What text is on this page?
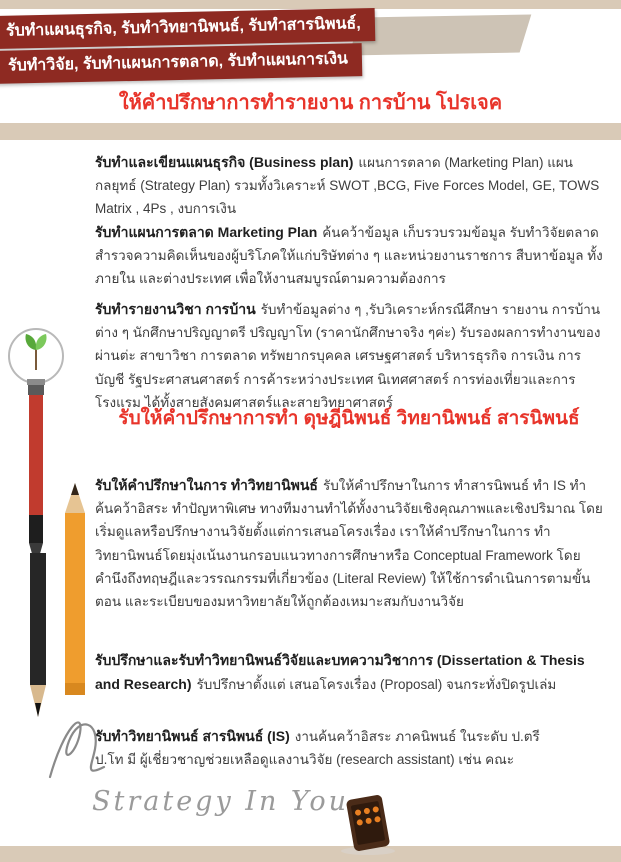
รับทำแผนธุรกิจ, รับทำวิทยานิพนธ์, รับทำสารนิพนธ์,
รับทำวิจัย, รับทำแผนการตลาด, รับทำแผนการเงิน
ให้คำปรึกษาการทำรายงาน การบ้าน โปรเจค
รับทำและเขียนแผนธุรกิจ (Business plan) แผนการตลาด (Marketing Plan) แผนกลยุทธ์ (Strategy Plan) รวมทั้งวิเคราะห์ SWOT ,BCG, Five Forces Model, GE, TOWS Matrix , 4Ps , งบการเงิน
รับทำแผนการตลาด Marketing Plan ค้นคว้าข้อมูล เก็บรวบรวมข้อมูล รับทำวิจัยตลาด สำรวจความคิดเห็นของผู้บริโภคให้แก่บริษัทต่าง ๆ และหน่วยงานราชการ สืบหาข้อมูล ทั้งภายใน และต่างประเทศ เพื่อให้งานสมบูรณ์ตามความต้องการ
รับทำรายงานวิชา การบ้าน รับทำข้อมูลต่าง ๆ ,รับวิเคราะห์กรณีศึกษา รายงาน การบ้านต่าง ๆ นักศึกษาปริญญาตรี ปริญญาโท (ราคานักศึกษาจริง ๆค่ะ) รับรองผลการทำงานของผ่านต่ะ สาขาวิชา การตลาด ทรัพยากรบุคคล เศรษฐศาสตร์ บริหารธุรกิจ การเงิน การบัญชี รัฐประศาสนศาสตร์ การค้าระหว่างประเทศ นิเทศศาสตร์ การท่องเที่ยวและการโรงแรม ได้ทั้งสายสังคมศาสตร์และสายวิทยาศาสตร์
รับให้คำปรึกษาการทำ ดุษฎีนิพนธ์ วิทยานิพนธ์ สารนิพนธ์
รับให้คำปรึกษาในการ ทำวิทยานิพนธ์ รับให้คำปรึกษาในการ ทำสารนิพนธ์ ทำ IS ทำค้นคว้าอิสระ ทำปัญหาพิเศษ ทางทีมงานทำได้ทั้งงานวิจัยเชิงคุณภาพและเชิงปริมาณ โดยเริ่มดูแลหรือปรึกษางานวิจัยตั้งแต่การเสนอโครงเรื่อง เราให้คำปรึกษาในการ ทำวิทยานิพนธ์โดยมุ่งเน้นงานกรอบแนวทางการศึกษาหรือ Conceptual Framework โดยคำนึงถึงทฤษฎีและวรรณกรรมที่เกี่ยวข้อง (Literal Review) ให้ใช้การดำเนินการตามขั้นตอน และระเบียบของมหาวิทยาลัยให้ถูกต้องเหมาะสมกับงานวิจัย
รับปรึกษาและรับทำวิทยานิพนธ์วิจัยและบทความวิชาการ (Dissertation & Thesis and Research) รับปรึกษาตั้งแต่ เสนอโครงเรื่อง (Proposal) จนกระทั่งปิดรูปเล่ม
รับทำวิทยานิพนธ์ สารนิพนธ์ (IS) งานค้นคว้าอิสระ ภาคนิพนธ์ ในระดับ ป.ตรี ป.โท มี ผู้เชี่ยวชาญช่วยเหลือดูแลงานวิจัย (research assistant) เช่น คณะ
Strategy In You
